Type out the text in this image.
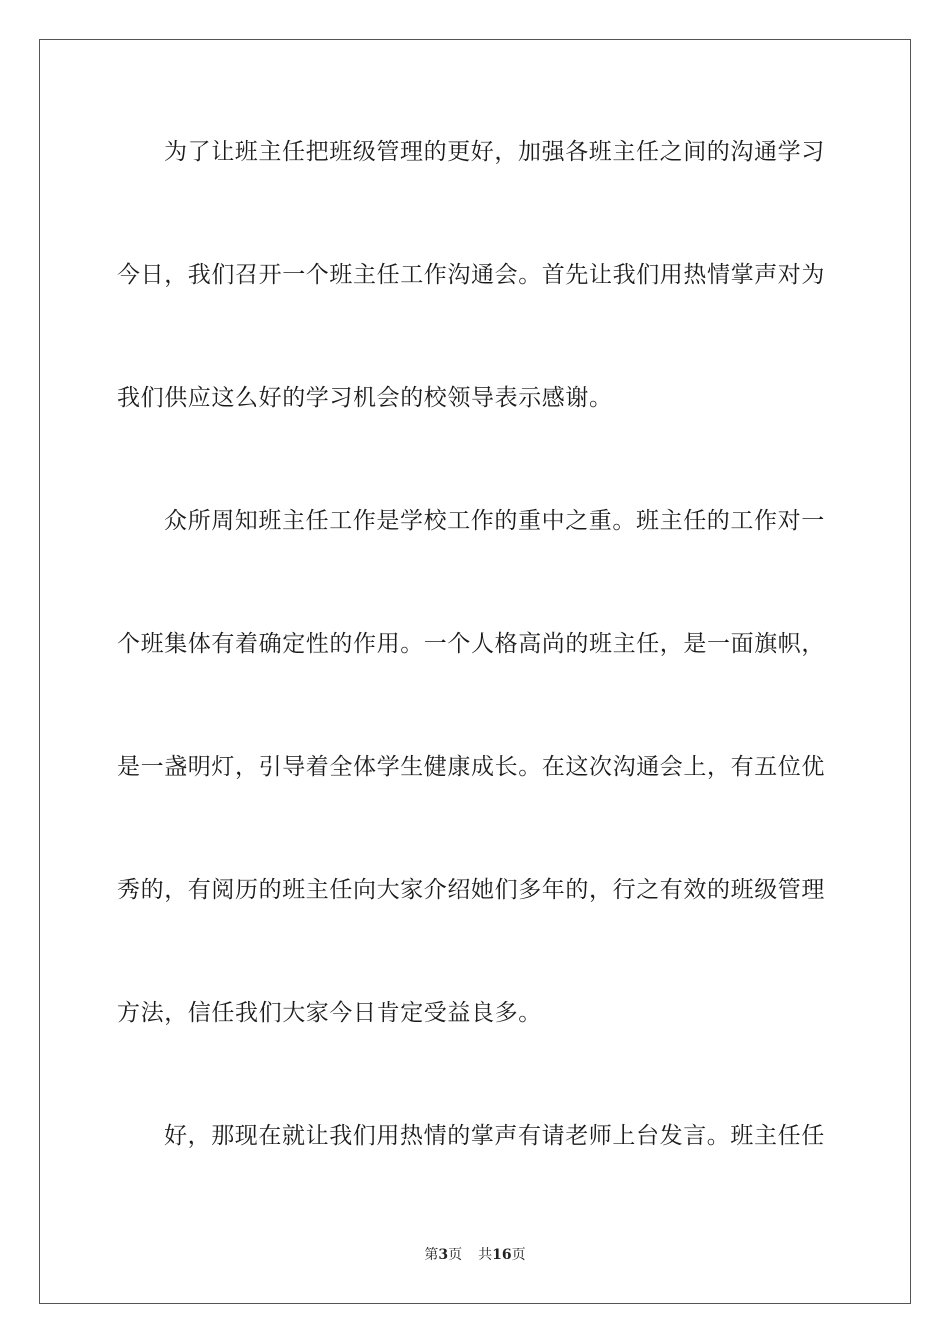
为了让班主任把班级管理的更好，加强各班主任之间的沟通学习
今日，我们召开一个班主任工作沟通会。首先让我们用热情掌声对为
我们供应这么好的学习机会的校领导表示感谢。
众所周知班主任工作是学校工作的重中之重。班主任的工作对一
个班集体有着确定性的作用。一个人格高尚的班主任，是一面旗帜，
是一盏明灯，引导着全体学生健康成长。在这次沟通会上，有五位优
秀的，有阅历的班主任向大家介绍她们多年的，行之有效的班级管理
方法，信任我们大家今日肯定受益良多。
好，那现在就让我们用热情的掌声有请老师上台发言。班主任任
第3页 共16页
